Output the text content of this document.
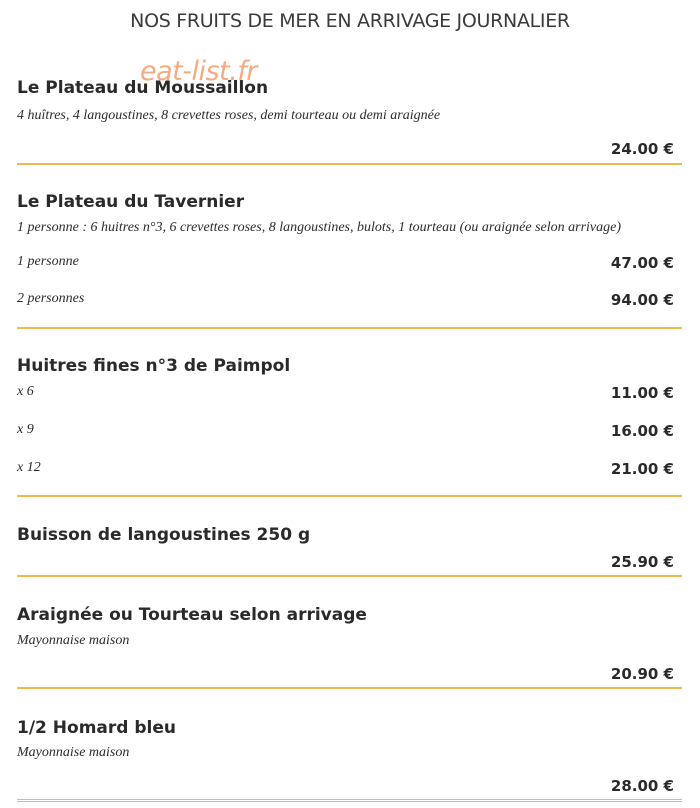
NOS FRUITS DE MER EN ARRIVAGE JOURNALIER
eat-list.fr
Le Plateau du Moussaillon
4 huîtres, 4 langoustines, 8 crevettes roses, demi tourteau ou demi araignée
24.00 €
Le Plateau du Tavernier
1 personne : 6 huitres n°3, 6 crevettes roses, 8 langoustines, bulots, 1 tourteau (ou araignée selon arrivage)
1 personne	47.00 €
2 personnes	94.00 €
Huitres fines n°3 de Paimpol
x 6	11.00 €
x 9	16.00 €
x 12	21.00 €
Buisson de langoustines 250 g
25.90 €
Araignée ou Tourteau selon arrivage
Mayonnaise maison
20.90 €
1/2 Homard bleu
Mayonnaise maison
28.00 €
